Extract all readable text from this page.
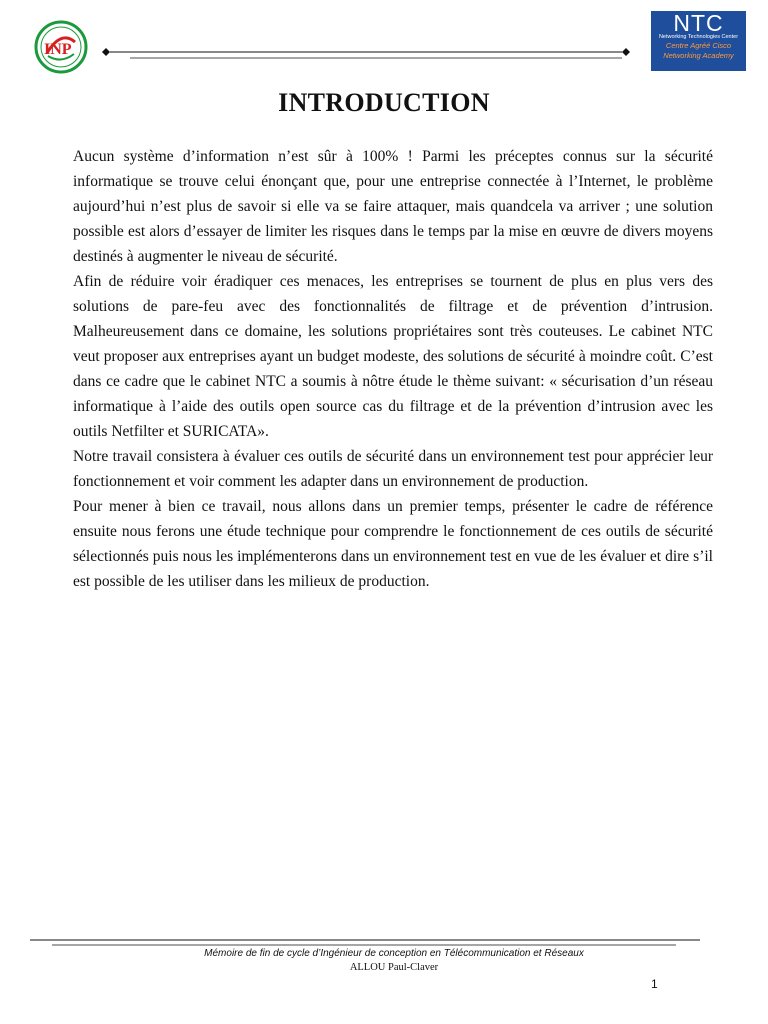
INP
NTC
Networking Technologies Center
Centre Agréé Cisco
Networking Academy
INTRODUCTION

Aucun système d’information n’est sûr à 100% ! Parmi les préceptes connus sur la sécurité informatique se trouve celui énonçant que, pour une entreprise connectée à l’Internet, le problème aujourd’hui n’est plus de savoir si elle va se faire attaquer, mais quandcela va arriver ; une solution possible est alors d’essayer de limiter les risques dans le temps par la mise en œuvre de divers moyens destinés à augmenter le niveau de sécurité.

Afin de réduire voir éradiquer ces menaces, les entreprises se tournent de plus en plus vers des solutions de pare-feu avec des fonctionnalités de filtrage et de prévention d’intrusion. Malheureusement dans ce domaine, les solutions propriétaires sont très couteuses. Le cabinet NTC veut proposer aux entreprises ayant un budget modeste, des solutions de sécurité à moindre coût. C’est dans ce cadre que le cabinet NTC a soumis à nôtre étude le thème suivant: « sécurisation d’un réseau informatique à l’aide des outils open source cas du filtrage et de la prévention d’intrusion avec les outils Netfilter et SURICATA».

Notre travail consistera à évaluer ces outils de sécurité dans un environnement test pour apprécier leur fonctionnement et voir comment les adapter dans un environnement de production.

Pour mener à bien ce travail, nous allons dans un premier temps, présenter le cadre de référence ensuite nous ferons une étude technique pour comprendre le fonctionnement de ces outils de sécurité sélectionnés puis nous les implémenterons dans un environnement test en vue de les évaluer et dire s’il est possible de les utiliser dans les milieux de production.

Mémoire de fin de cycle d’Ingénieur de conception en Télécommunication et Réseaux
ALLOU Paul-Claver
1
